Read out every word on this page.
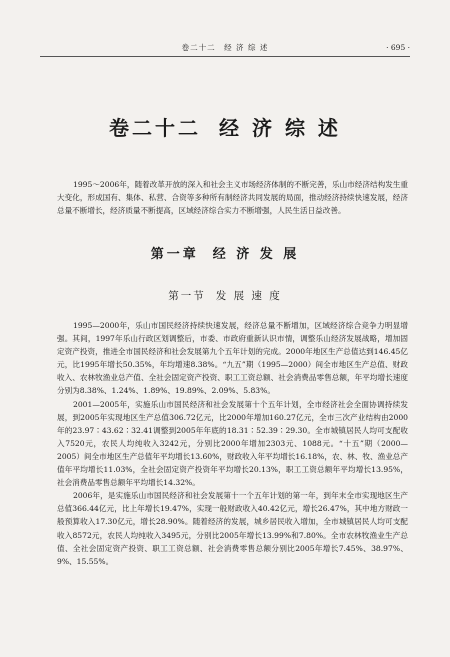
卷二十二　经 济 综 述	· 695 ·
卷二十二 经 济 综 述
1995～2006年，随着改革开放的深入和社会主义市场经济体制的不断完善，乐山市经济结构发生重大变化，形成国有、集体、私营、合资等多种所有制经济共同发展的局面，推动经济持续快速发展，经济总量不断增长，经济质量不断提高，区域经济综合实力不断增强，人民生活日益改善。
第一章 经 济 发 展
第一节 发 展 速 度

1995—2000年，乐山市国民经济持续快速发展，经济总量不断增加，区域经济综合竞争力明显增强。其间，1997年乐山行政区划调整后，市委、市政府重新认识市情，调整乐山经济发展战略，增加固定资产投资，推进全市国民经济和社会发展第九个五年计划的完成。2000年地区生产总值达到146.45亿元，比1995年增长50.35%，年均增速8.38%。“九五”期（1995—2000）间全市地区生产总值、财政收入、农林牧渔业总产值、全社会固定资产投资、职工工资总额、社会消费品零售总额，年平均增长速度分别为8.38%、1.24%、1.89%、19.89%、2.09%、5.83%。

2001—2005年，实施乐山市国民经济和社会发展第十个五年计划，全市经济社会全面协调持续发展，到2005年实现地区生产总值306.72亿元，比2000年增加160.27亿元，全市三次产业结构由2000年的23.97∶43.62∶32.41调整到2005年年底的18.31∶52.39∶29.30。全市城镇居民人均可支配收入7520元，农民人均纯收入3242元，分别比2000年增加2303元、1088元。“十五”期（2000—2005）间全市地区生产总值年平均增长13.60%，财政收入年平均增长16.18%，农、林、牧、渔业总产值年平均增长11.03%，全社会固定资产投资年平均增长20.13%，职工工资总额年平均增长13.95%，社会消费品零售总额年平均增长14.32%。

2006年，是实施乐山市国民经济和社会发展第十一个五年计划的第一年，到年末全市实现地区生产总值366.44亿元，比上年增长19.47%，实现一般财政收入40.42亿元，增长26.47%，其中地方财政一般预算收入17.30亿元，增长28.90%。随着经济的发展，城乡居民收入增加，全市城镇居民人均可支配收入8572元，农民人均纯收入3495元，分别比2005年增长13.99%和7.80%。全市农林牧渔业生产总值、全社会固定资产投资、职工工资总额、社会消费零售总额分别比2005年增长7.45%、38.97%、9%、15.55%。
